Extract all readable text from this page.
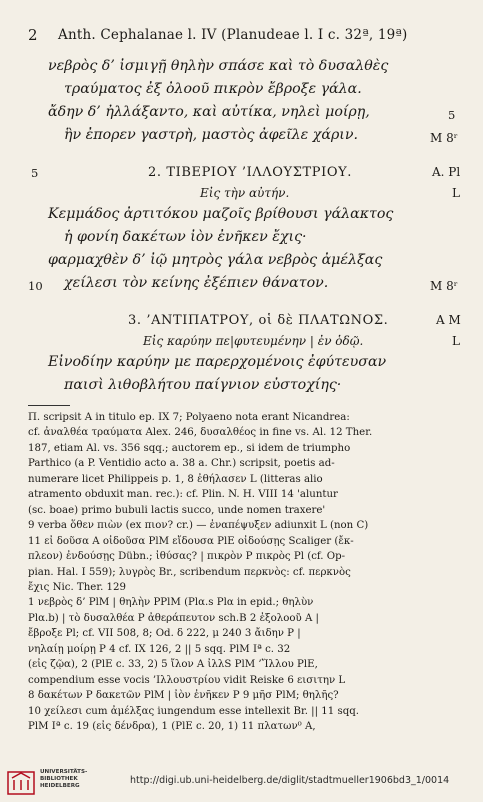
2 Anth. Cephalanae l. IV (Planudeae l. I c. 32ª, 19ª)
νεβρὸς δ’ ἰσμιγῇ θηλὴν σπάσε καὶ τὸ δυσαλθὲς
τραύματος ἐξ ὀλοοῦ πικρὸν ἔβροξε γάλα.
ἄδην δ’ ἠλλάξαντο, καὶ αὐτίκα, νηλεὶ μοίρῃ,	5
ἣν ἐπορεν γαστρὴ, μαστὸς ἀφεῖλε χάριν.	M 8ʳ
5	2. ΤΙΒΕΡΙΟΥ ’ΙΛΛΟΥΣΤΡΙΟΥ.	A. Pl
Εἰς τὴν αὐτήν.	L
Κεμμάδος ἀρτιτόκου μαζοῖς βρίθουσι γάλακτος
ἡ φονίη δακέτων ἰὸν ἐνῆκεν ἔχις·
φαρμαχθὲν δ’ ἰῷ μητρὸς γάλα νεβρὸς ἀμέλξας
10 χείλεσι τὸν κείνης ἐξέπιεν θάνατον.	M 8ʳ
3. ’ΑΝΤΙΠΑΤΡΟΥ, οἱ δὲ ΠΛΑΤΩΝΟΣ.	A M
Εἰς καρύην πε|φυτευμένην | ἐν ὁδῷ.	L
Εἰνοδίην καρύην με παρερχομένοις ἐφύτευσαν
παισὶ λιθοβλήτου παίγνιον εὐστοχίης·
Π. scripsit A in titulo ep. IX 7; Polyaeno nota erant Nicandrea:
cf. ἀναλθέα τραύματα Alex. 246, δυσαλθέος in fine vs. Al. 12 Ther.
187, etiam Al. vs. 356 sqq.; auctorem ep., si idem de triumpho
Parthico (a P. Ventidio acto a. 38 a. Chr.) scripsit, poetis ad-
numerare licet Philippeis p. 1, 8 ἐθήλασεν L (litteras alio
atramento obduxit man. rec.): cf. Plin. N. H. VIII 14 'aluntur
(sc. boae) primo bubuli lactis succo, unde nomen traxere'
9 verba ὅθεν πιὼν (ex πιον? cr.) — ἐναπέψυξεν adiunxit L (non C)
11 εἰ δοῦσα A οἰδοῦσα PlM εἴδουσα PlE οἰδούσῃς Scaliger (ἔκ-
πλεον) ἐνδούσῃς Dübn.; ἰθύσας? | πικρὸν P πικρὸς Pl (cf. Op-
pian. Hal. I 559); λυγρὸς Br., scribendum περκνὸς: cf. περκνὸς
ἔχις Nic. Ther. 129
1 νεβρὸς δ’ PlM | θηλὴν PPlM (Plα.s Plα in epid.; θηλὺν
Plα.b) | τὸ δυσαλθέα P ἀθεράπευτον sch.B 2 ἐξολοοῦ A |
ἔβροξε Pl; cf. VII 508, 8; Od. δ 222, μ 240 3 ἄιδην P |
νηλαίῃ μοίρῃ P 4 cf. IX 126, 2 || 5 sqq. PlM Iª c. 32
(εἰς ζῷα), 2 (PlE c. 33, 2) 5 ἴλον A ἰλλS PlM ’Ἴλλου PlE,
compendium esse vocis ’Ιλλουστρίου vidit Reiske 6 εισιτην L
8 δακέτων P δακετῶν PlM | ἰὸν ἐνῆκεν P 9 μῆσ PlM; θηλῆς?
10 χείλεσι cum ἀμέλξας iungendum esse intellexit Br. || 11 sqq.
PlM Iª c. 19 (εἰς δένδρα), 1 (PlE c. 20, 1) 11 πλατων⁰ A,
UNIVERSITÄTS-
BIBLIOTHEK
HEIDELBERG	http://digi.ub.uni-heidelberg.de/diglit/stadtmueller1906bd3_1/0014
